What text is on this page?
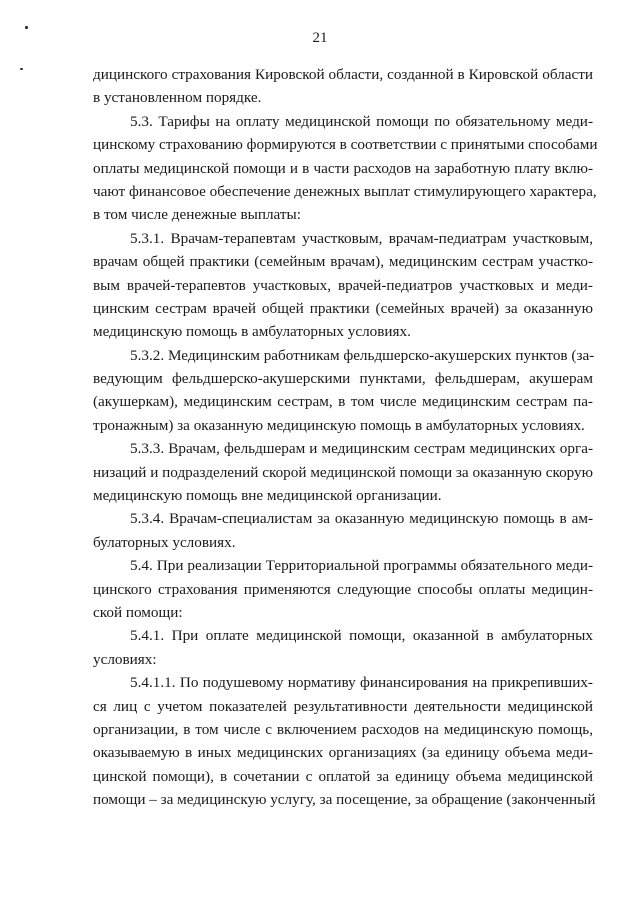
21
дицинского страхования Кировской области, созданной в Кировской области
в установленном порядке.
5.3. Тарифы на оплату медицинской помощи по обязательному меди-
цинскому страхованию формируются в соответствии с принятыми способами
оплаты медицинской помощи и в части расходов на заработную плату вклю-
чают финансовое обеспечение денежных выплат стимулирующего характера,
в том числе денежные выплаты:
5.3.1. Врачам-терапевтам участковым, врачам-педиатрам участковым,
врачам общей практики (семейным врачам), медицинским сестрам участко-
вым врачей-терапевтов участковых, врачей-педиатров участковых и меди-
цинским сестрам врачей общей практики (семейных врачей) за оказанную
медицинскую помощь в амбулаторных условиях.
5.3.2. Медицинским работникам фельдшерско-акушерских пунктов (за-
ведующим фельдшерско-акушерскими пунктами, фельдшерам, акушерам
(акушеркам), медицинским сестрам, в том числе медицинским сестрам па-
тронажным) за оказанную медицинскую помощь в амбулаторных условиях.
5.3.3. Врачам, фельдшерам и медицинским сестрам медицинских орга-
низаций и подразделений скорой медицинской помощи за оказанную скорую
медицинскую помощь вне медицинской организации.
5.3.4. Врачам-специалистам за оказанную медицинскую помощь в ам-
булаторных условиях.
5.4. При реализации Территориальной программы обязательного меди-
цинского страхования применяются следующие способы оплаты медицин-
ской помощи:
5.4.1. При оплате медицинской помощи, оказанной в амбулаторных
условиях:
5.4.1.1. По подушевому нормативу финансирования на прикрепивших-
ся лиц с учетом показателей результативности деятельности медицинской
организации, в том числе с включением расходов на медицинскую помощь,
оказываемую в иных медицинских организациях (за единицу объема меди-
цинской помощи), в сочетании с оплатой за единицу объема медицинской
помощи – за медицинскую услугу, за посещение, за обращение (законченный
